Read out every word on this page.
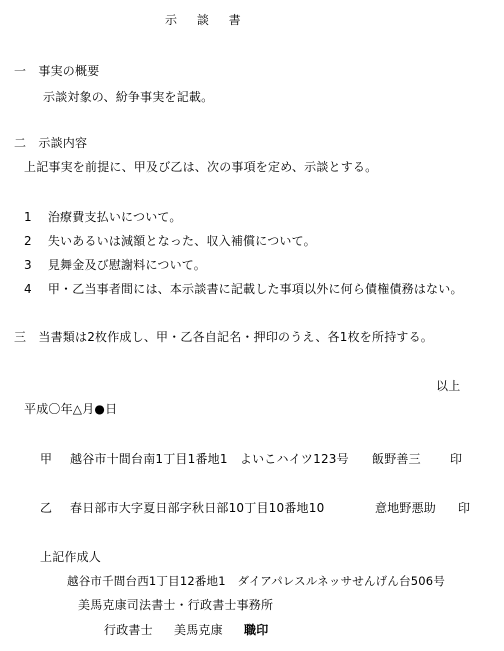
示 談 書
一　事実の概要
示談対象の、紛争事実を記載。
二　示談内容
上記事実を前提に、甲及び乙は、次の事項を定め、示談とする。
1 治療費支払いについて。
2 失いあるいは減額となった、収入補償について。
3 見舞金及び慰謝料について。
4 甲・乙当事者間には、本示談書に記載した事項以外に何ら債権債務はない。
三　当書類は2枚作成し、甲・乙各自記名・押印のうえ、各1枚を所持する。
以上
平成〇年△月●日
甲 越谷市十間台南1丁目1番地1　よいこハイツ123号 飯野善三 印
乙 春日部市大字夏日部字秋日部10丁目10番地10	意地野悪助 印
上記作成人
越谷市千間台西1丁目12番地1　ダイアパレスルネッサせんげん台506号
美馬克康司法書士・行政書士事務所
行政書士 美馬克康 職印
